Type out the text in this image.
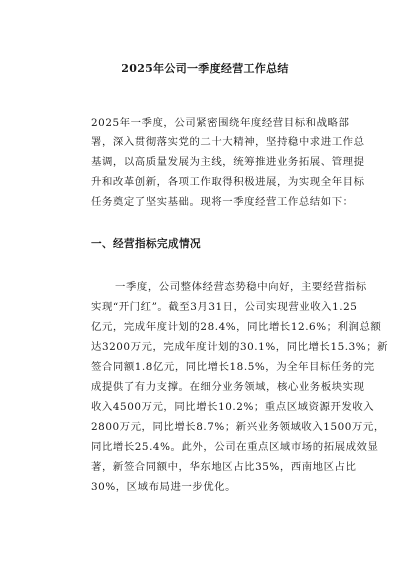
2025年公司一季度经营工作总结
2025年一季度，公司紧密围绕年度经营目标和战略部
署，深入贯彻落实党的二十大精神，坚持稳中求进工作总
基调，以高质量发展为主线，统筹推进业务拓展、管理提
升和改革创新，各项工作取得积极进展，为实现全年目标
任务奠定了坚实基础。现将一季度经营工作总结如下：
一、经营指标完成情况
一季度，公司整体经营态势稳中向好，主要经营指标
实现“开门红”。截至3月31日，公司实现营业收入1.25
亿元，完成年度计划的28.4%，同比增长12.6%；利润总额
达3200万元，完成年度计划的30.1%，同比增长15.3%；新
签合同额1.8亿元，同比增长18.5%，为全年目标任务的完
成提供了有力支撑。在细分业务领域，核心业务板块实现
收入4500万元，同比增长10.2%；重点区域资源开发收入
2800万元，同比增长8.7%；新兴业务领域收入1500万元，
同比增长25.4%。此外，公司在重点区域市场的拓展成效显
著，新签合同额中，华东地区占比35%，西南地区占比
30%，区域布局进一步优化。
